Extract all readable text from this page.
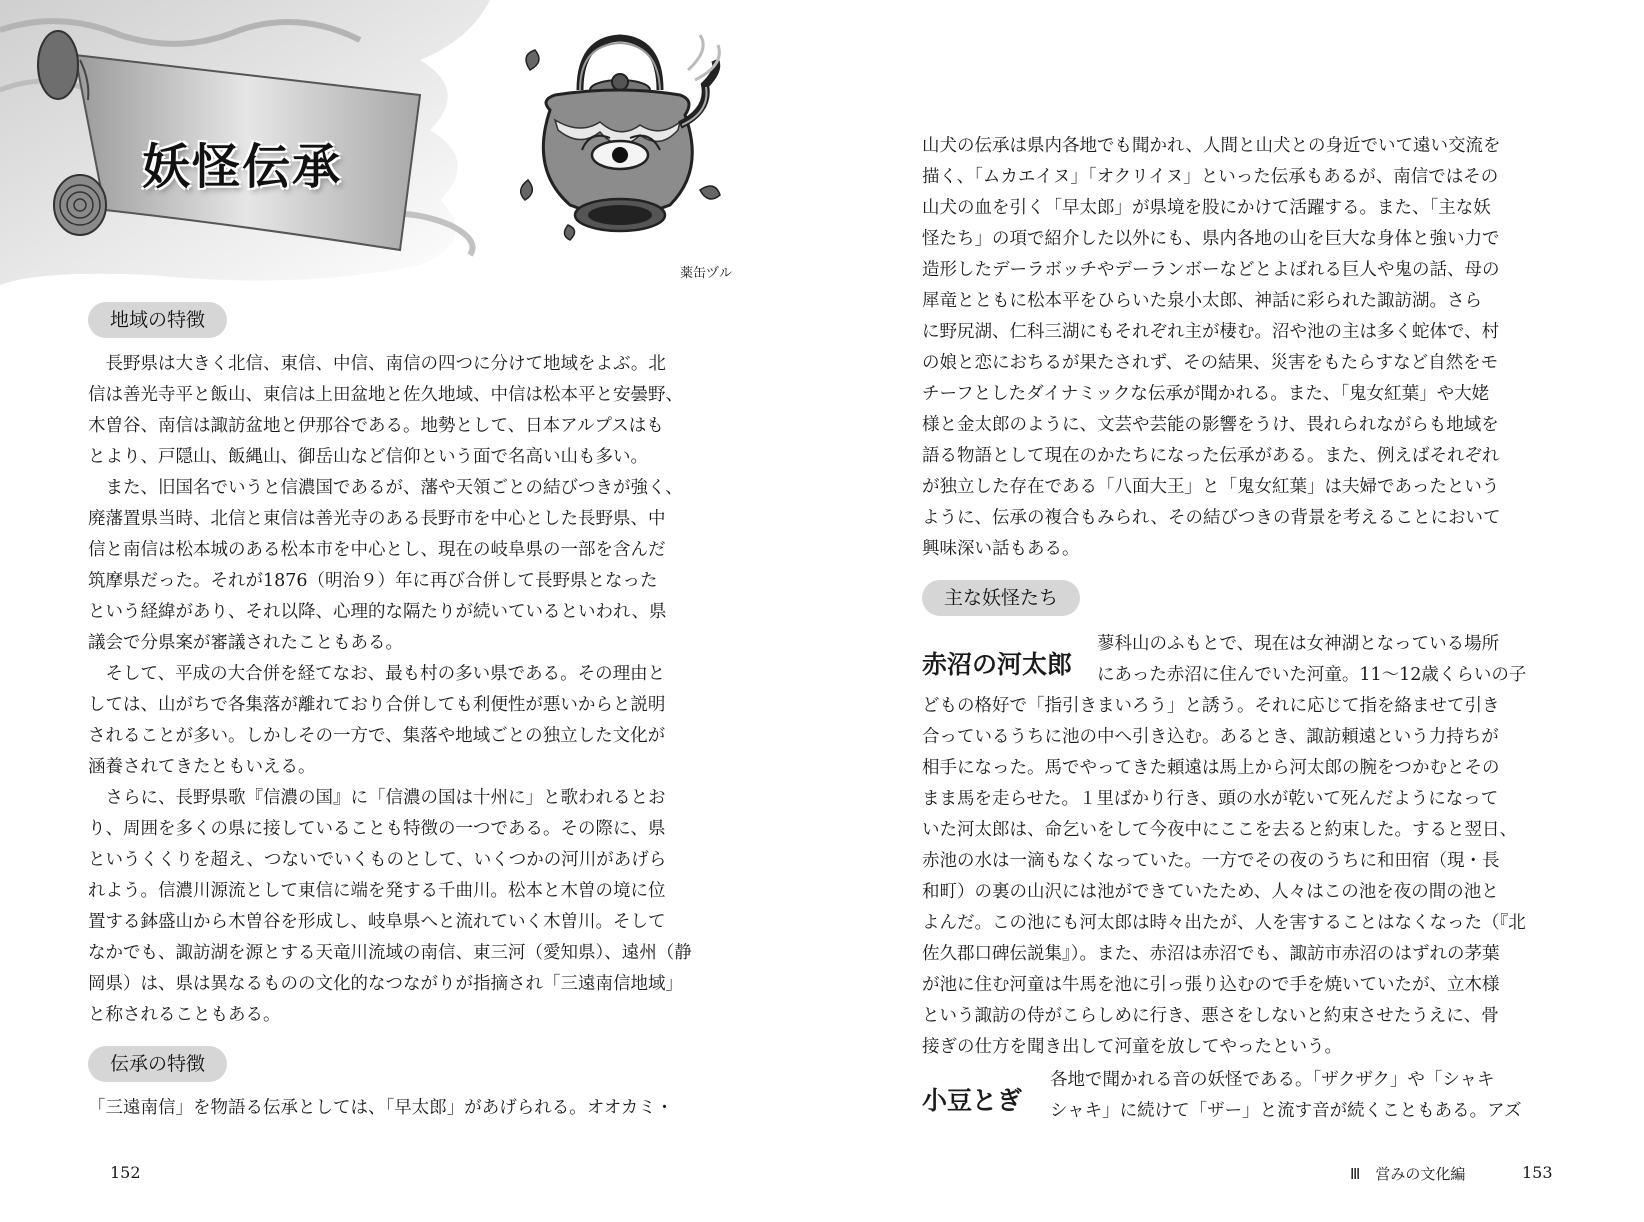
妖怪伝承
薬缶ヅル
地域の特徴
　長野県は大きく北信、東信、中信、南信の四つに分けて地域をよぶ。北
信は善光寺平と飯山、東信は上田盆地と佐久地域、中信は松本平と安曇野、
木曽谷、南信は諏訪盆地と伊那谷である。地勢として、日本アルプスはも
とより、戸隠山、飯縄山、御岳山など信仰という面で名高い山も多い。
　また、旧国名でいうと信濃国であるが、藩や天領ごとの結びつきが強く、
廃藩置県当時、北信と東信は善光寺のある長野市を中心とした長野県、中
信と南信は松本城のある松本市を中心とし、現在の岐阜県の一部を含んだ
筑摩県だった。それが1876（明治９）年に再び合併して長野県となった
という経緯があり、それ以降、心理的な隔たりが続いているといわれ、県
議会で分県案が審議されたこともある。
　そして、平成の大合併を経てなお、最も村の多い県である。その理由と
しては、山がちで各集落が離れており合併しても利便性が悪いからと説明
されることが多い。しかしその一方で、集落や地域ごとの独立した文化が
涵養されてきたともいえる。
　さらに、長野県歌『信濃の国』に「信濃の国は十州に」と歌われるとお
り、周囲を多くの県に接していることも特徴の一つである。その際に、県
というくくりを超え、つないでいくものとして、いくつかの河川があげら
れよう。信濃川源流として東信に端を発する千曲川。松本と木曽の境に位
置する鉢盛山から木曽谷を形成し、岐阜県へと流れていく木曽川。そして
なかでも、諏訪湖を源とする天竜川流域の南信、東三河（愛知県）、遠州（静
岡県）は、県は異なるものの文化的なつながりが指摘され「三遠南信地域」
と称されることもある。
伝承の特徴
「三遠南信」を物語る伝承としては、「早太郎」があげられる。オオカミ・
152
山犬の伝承は県内各地でも聞かれ、人間と山犬との身近でいて遠い交流を
描く、「ムカエイヌ」「オクリイヌ」といった伝承もあるが、南信ではその
山犬の血を引く「早太郎」が県境を股にかけて活躍する。また、「主な妖
怪たち」の項で紹介した以外にも、県内各地の山を巨大な身体と強い力で
造形したデーラボッチやデーランボーなどとよばれる巨人や鬼の話、母の
犀竜とともに松本平をひらいた泉小太郎、神話に彩られた諏訪湖。さら
に野尻湖、仁科三湖にもそれぞれ主が棲む。沼や池の主は多く蛇体で、村
の娘と恋におちるが果たされず、その結果、災害をもたらすなど自然をモ
チーフとしたダイナミックな伝承が聞かれる。また、「鬼女紅葉」や大姥
様と金太郎のように、文芸や芸能の影響をうけ、畏れられながらも地域を
語る物語として現在のかたちになった伝承がある。また、例えばそれぞれ
が独立した存在である「八面大王」と「鬼女紅葉」は夫婦であったという
ように、伝承の複合もみられ、その結びつきの背景を考えることにおいて
興味深い話もある。
主な妖怪たち
赤沼の河太郎
蓼科山のふもとで、現在は女神湖となっている場所
にあった赤沼に住んでいた河童。11～12歳くらいの子
どもの格好で「指引きまいろう」と誘う。それに応じて指を絡ませて引き
合っているうちに池の中へ引き込む。あるとき、諏訪頼遠という力持ちが
相手になった。馬でやってきた頼遠は馬上から河太郎の腕をつかむとその
まま馬を走らせた。１里ばかり行き、頭の水が乾いて死んだようになって
いた河太郎は、命乞いをして今夜中にここを去ると約束した。すると翌日、
赤池の水は一滴もなくなっていた。一方でその夜のうちに和田宿（現・長
和町）の裏の山沢には池ができていたため、人々はこの池を夜の間の池と
よんだ。この池にも河太郎は時々出たが、人を害することはなくなった（『北
佐久郡口碑伝説集』）。また、赤沼は赤沼でも、諏訪市赤沼のはずれの茅葉
が池に住む河童は牛馬を池に引っ張り込むので手を焼いていたが、立木様
という諏訪の侍がこらしめに行き、悪さをしないと約束させたうえに、骨
接ぎの仕方を聞き出して河童を放してやったという。
小豆とぎ
各地で聞かれる音の妖怪である。「ザクザク」や「シャキ
シャキ」に続けて「ザー」と流す音が続くこともある。アズ
Ⅲ　営みの文化編	153
